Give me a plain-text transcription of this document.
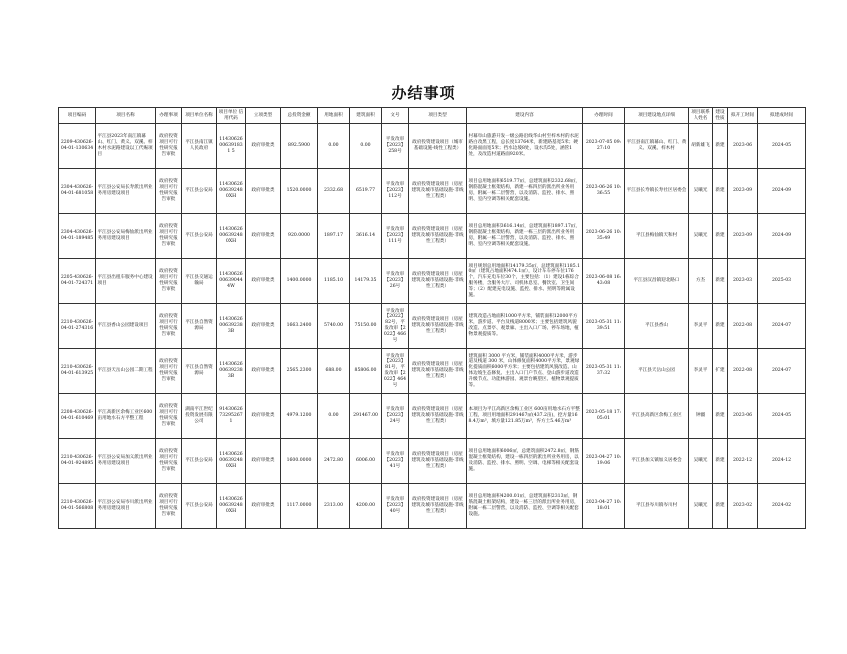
办结事项
项目编码	项目名称	办理事项	项目单位名称	项目单位 信用代码	立项类型	总投资金额	用地面积	建筑面积	文号	项目类型	建设内容	办理时间	项目建设地点详细	项目联系 人姓名	建设 性质	拟开工时间	拟建成时间
2209-430626-04-01-130634	平江县2023年南江镇幕山、红门、黄义、双溪、梓木村水泥路建设以工代赈项目	政府投资项目可行性研究报告审批	平江县南江镇人民政府	11430626006391831 5	政府审批类	892.5900	0.00	0.00	平发改审【2023】258号	政府投资建设项目（城市基础设施-线性工程类）	村幕阜山旅游开发一级公路沿线华山村至梓木村的水泥路白改黑工程，总长度13764米，新建路基宽5米；硬化路面面宽5米；挡水边坡8处，设水沟5处，涵管1处，及改造村道路面920米。	2023-07-05 09:27:10	平江县南江镇幕山、红门、黄义、双溪、梓木村	胡新雄飞	新建	2023-06	2024-05
2304-430626-04-01-681058	平江县公安局长寿派出所业务用房建设项目	政府投资项目可行性研究报告审批	平江县公安局	11430626006392480XH	政府审批类	1520.0000	2332.68	6519.77	平发改审【2023】112号	政府投资建设项目（房屋建筑及城市基础设施-非线性工程类）	项目总用地面积6519.77㎡，总建筑面积2332.68㎡，钢筋混凝土框架结构，新建一栋四层的派出所业务用房，附属一栋二层警营，以及消防、监控、排水、照明、室内空调等相关配套设施。	2023-06-26 10:36:55	平江县长寿镇长寿社区居委会	吴曦光	新建	2023-09	2024-09
2304-430626-04-01-189485	平江县公安局梅仙派出所业务用房建设项目	政府投资项目可行性研究报告审批	平江县公安局	11430626006392480XH	政府审批类	920.0000	1897.17	3616.14	平发改审【2023】111号	政府投资建设项目（房屋建筑及城市基础设施-非线性工程类）	项目总用地面积3616.14㎡，总建筑面积1897.17㎡，钢筋混凝土框架结构，新建一栋三层的派出所业务用房，附属一栋二层警营，以及消防、监控、排水、照明、室内空调等相关配套设施。	2023-06-26 10:35:49	平江县梅仙镇天和村	吴曦光	新建	2023-09	2024-09
2205-430626-04-01-724371	平江县出租车服务中心建设项目	政府投资项目可行性研究报告审批	平江县交通运输局	11430626006390444W	政府审批类	1400.0000	1185.10	14179.35	平发改审【2023】26号	政府投资建设项目（房屋建筑及城市基础设施-非线性工程类）	项目规划总用地面积14179.35㎡，总建筑面积1185.10㎡（建筑占地面积474.1㎡），设计车车停车位176个，汽车充电车位30个，主要包括：（1）建设1栋综合服务楼，含服务大厅、司机休息室、餐饮室、卫生间等；（2）配建充电设施、监控、排水、照明等附属设施。	2023-06-08 16:43:08	平江县汉昌镇迎北路口	方杰	新建	2023-03	2025-03
2210-430626-04-01-274316	平江县香山公园建设项目	政府投资项目可行性研究报告审批	平江县自然资源局	11430626006392383B	政府审批类	1663.2400	5740.00	75150.00	平发改审【2022】82号，平发改审【2022】466号	政府投资建设项目（房屋建筑及城市基础设施-非线性工程类）	建筑改造占地面积1000平方米，铺装面积12000平方米，游步道、平台及栈道8000米；主要包括建筑风貌改造、点景亭、观景廊、主出入口广场、停车场地，植物景观提质等。	2023-05-31 11:39:51	平江县香山	李灵平	新建	2022-08	2024-07
2210-430626-04-01-613925	平江县天岳山公园二期工程	政府投资项目可行性研究报告审批	平江县自然资源局	11430626006392383B	政府审批类	2565.2300	688.00	85806.00	平发改审【2023】81号，平发改审【2022】464号	政府投资建设项目（房屋建筑及城市基础设施-非线性工程类）	建筑面积 3000 平方米，铺装面积4000平方米，游步道及栈道 300 米，山体修复面积4000平方米，景观绿化提质面积6000平方米；主要包括建筑风貌改造、山体边坡生态修复、主出入口门户节点、登山游步道改造升级节点、功能林游园、观景台眺望区、植物景观提质等。	2023-05-31 11:37:32	平江县天岳山公园	李灵平	扩建	2022-08	2024-07
2208-430626-04-01-610469	平江高新区余梅工业区600亩用地水石方平整工程	政府投资项目可行性研究报告审批	湖南平江世纪投资发展有限公司	91430626732952671	政府审批类	4979.1200	0.00	291467.00	平发改审【2023】24号	政府投资建设项目（房屋建筑及城市基础设施-非线性工程类）	本项目为平江高新区余梅工业区 600亩用地水石方平整工程，项目用地面积291467㎡(437.2亩)，挖方量168.4万m³，填方量121.85万m³，弃方土5.46万m³	2023-05-18 17:05:01	平江县高新区余梅工业区	钟疆	新建	2023-06	2024-05
2210-430626-04-01-924895	平江县公安局加义派出所业务用房建设项目	政府投资项目可行性研究报告审批	平江县公安局	11430626006392480XH	政府审批类	1600.0000	2472.80	6006.00	平发改审【2023】41号	政府投资建设项目（房屋建筑及城市基础设施-非线性工程类）	项目总用地面积6006㎡，总建筑面积2472.8㎡，钢筋混凝土框架结构，建设一栋四层的派出所业务用房，以及消防、监控、排水、照明、空调、电梯等相关配套设施。	2023-04-27 10:19:06	平江县加义镇加义居委会	吴曦光	新建	2022-12	2024-12
2210-430626-04-01-566808	平江县公安局岑川派出所业务用房建设项目	政府投资项目可行性研究报告审批	平江县公安局	11430626006392480XH	政府审批类	1117.0000	2313.00	4200.00	平发改审【2023】40号	政府投资建设项目（房屋建筑及城市基础设施-非线性工程类）	项目总用地面积4200.01㎡，总建筑面积2313㎡，钢筋混凝土框架结构，建设一栋三层的派出所业务用房，附属一栋二层警营，以及消防、监控、空调等相关配套设施。	2023-04-27 10:18:01	平江县岑川镇岑川村	吴曦光	新建	2023-02	2024-02
